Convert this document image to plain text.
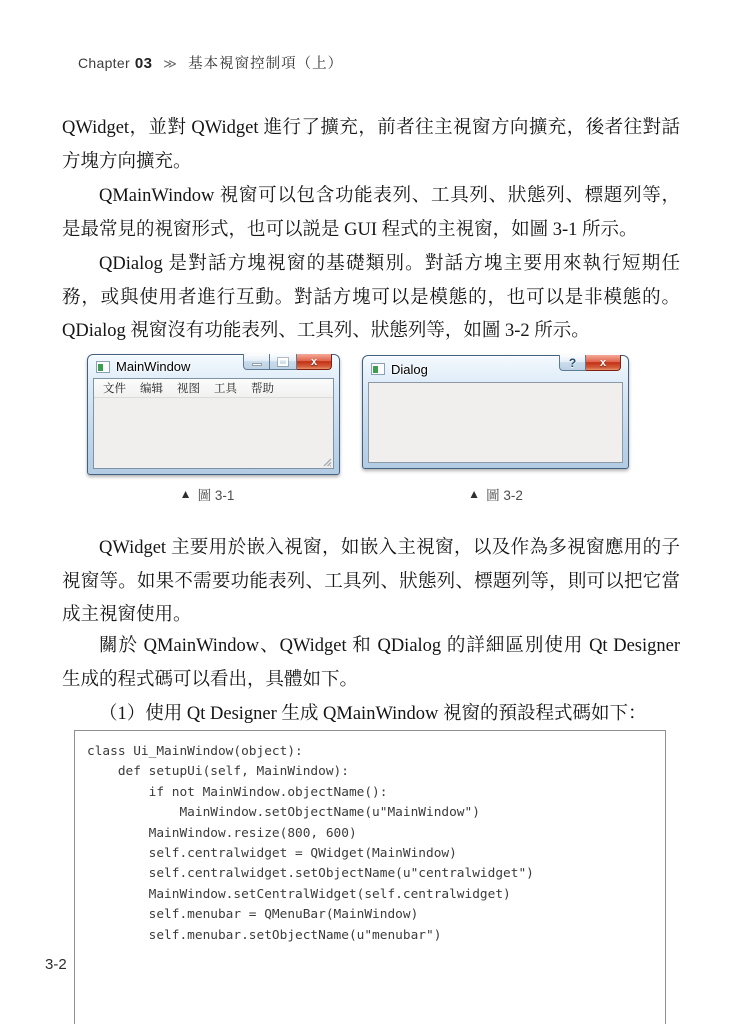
Chapter 03 ≫ 基本視窗控制項（上）

QWidget，並對 QWidget 進行了擴充，前者往主視窗方向擴充，後者往對話方塊方向擴充。

QMainWindow 視窗可以包含功能表列、工具列、狀態列、標題列等，是最常見的視窗形式，也可以説是 GUI 程式的主視窗，如圖 3-1 所示。

QDialog 是對話方塊視窗的基礎類別。對話方塊主要用來執行短期任務，或與使用者進行互動。對話方塊可以是模態的，也可以是非模態的。QDialog 視窗沒有功能表列、工具列、狀態列等，如圖 3-2 所示。

QWidget 主要用於嵌入視窗，如嵌入主視窗，以及作為多視窗應用的子視窗等。如果不需要功能表列、工具列、狀態列、標題列等，則可以把它當成主視窗使用。

關於 QMainWindow、QWidget 和 QDialog 的詳細區別使用 Qt Designer 生成的程式碼可以看出，具體如下。

（1）使用 Qt Designer 生成 QMainWindow 視窗的預設程式碼如下：

MainWindow	x
文件 编辑 视图 工具 帮助
Dialog	? x
▲ 圖 3-1	▲ 圖 3-2
class Ui_MainWindow(object):
def setupUi(self, MainWindow):
if not MainWindow.objectName():
MainWindow.setObjectName(u"MainWindow")
MainWindow.resize(800, 600)
self.centralwidget = QWidget(MainWindow)
self.centralwidget.setObjectName(u"centralwidget")
MainWindow.setCentralWidget(self.centralwidget)
self.menubar = QMenuBar(MainWindow)
self.menubar.setObjectName(u"menubar")
3-2
